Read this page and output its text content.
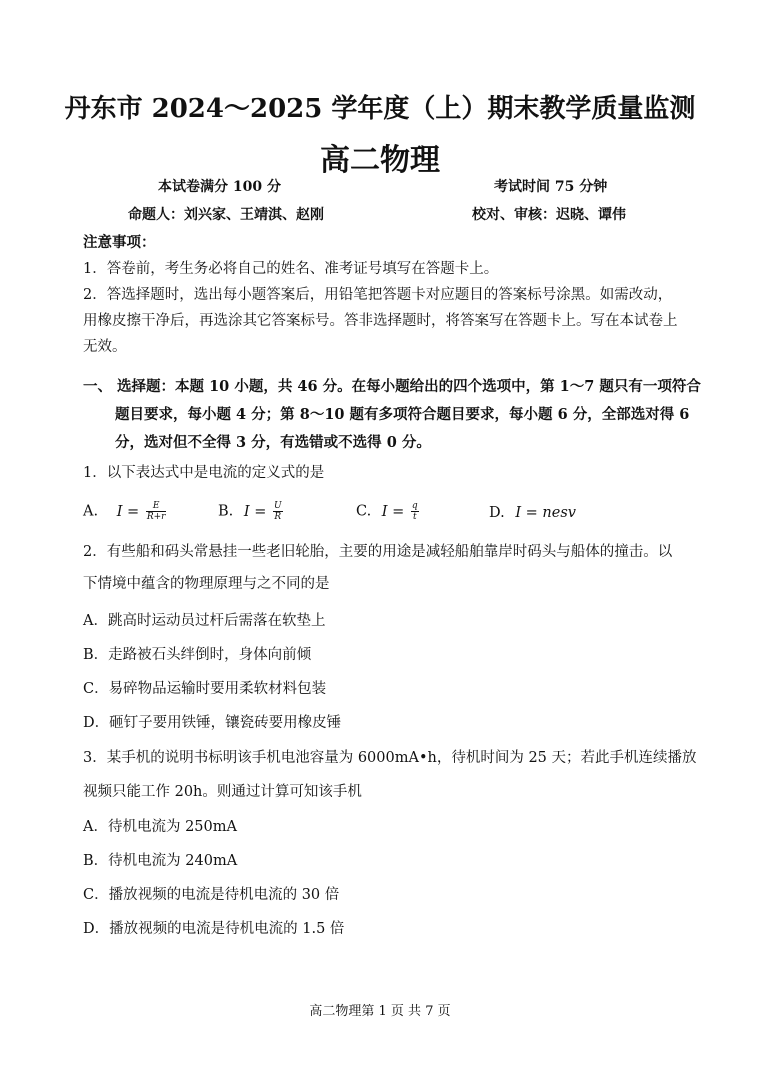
丹东市 2024～2025 学年度（上）期末教学质量监测
高二物理
本试卷满分 100 分	考试时间 75 分钟
命题人：刘兴家、王靖淇、赵刚	校对、审核：迟晓、谭伟
注意事项：
1．答卷前，考生务必将自己的姓名、准考证号填写在答题卡上。
2．答选择题时，选出每小题答案后，用铅笔把答题卡对应题目的答案标号涂黑。如需改动，
用橡皮擦干净后，再选涂其它答案标号。答非选择题时，将答案写在答题卡上。写在本试卷上
无效。
一、 选择题：本题 10 小题，共 46 分。在每小题给出的四个选项中，第 1～7 题只有一项符合
题目要求，每小题 4 分；第 8～10 题有多项符合题目要求，每小题 6 分，全部选对得 6
分，选对但不全得 3 分，有选错或不选得 0 分。
1．以下表达式中是电流的定义式的是
A. $I = \frac{E}{R+r}$	B. $I = \frac{U}{R}$	C. $I = \frac{q}{t}$	D. I = nesv
2．有些船和码头常悬挂一些老旧轮胎，主要的用途是减轻船舶靠岸时码头与船体的撞击。以
下情境中蕴含的物理原理与之不同的是
A．跳高时运动员过杆后需落在软垫上
B．走路被石头绊倒时，身体向前倾
C．易碎物品运输时要用柔软材料包装
D．砸钉子要用铁锤，镶瓷砖要用橡皮锤
3．某手机的说明书标明该手机电池容量为 6000mA•h，待机时间为 25 天；若此手机连续播放
视频只能工作 20h。则通过计算可知该手机
A．待机电流为 250mA
B．待机电流为 240mA
C．播放视频的电流是待机电流的 30 倍
D．播放视频的电流是待机电流的 1.5 倍
高二物理第 1 页 共 7 页
